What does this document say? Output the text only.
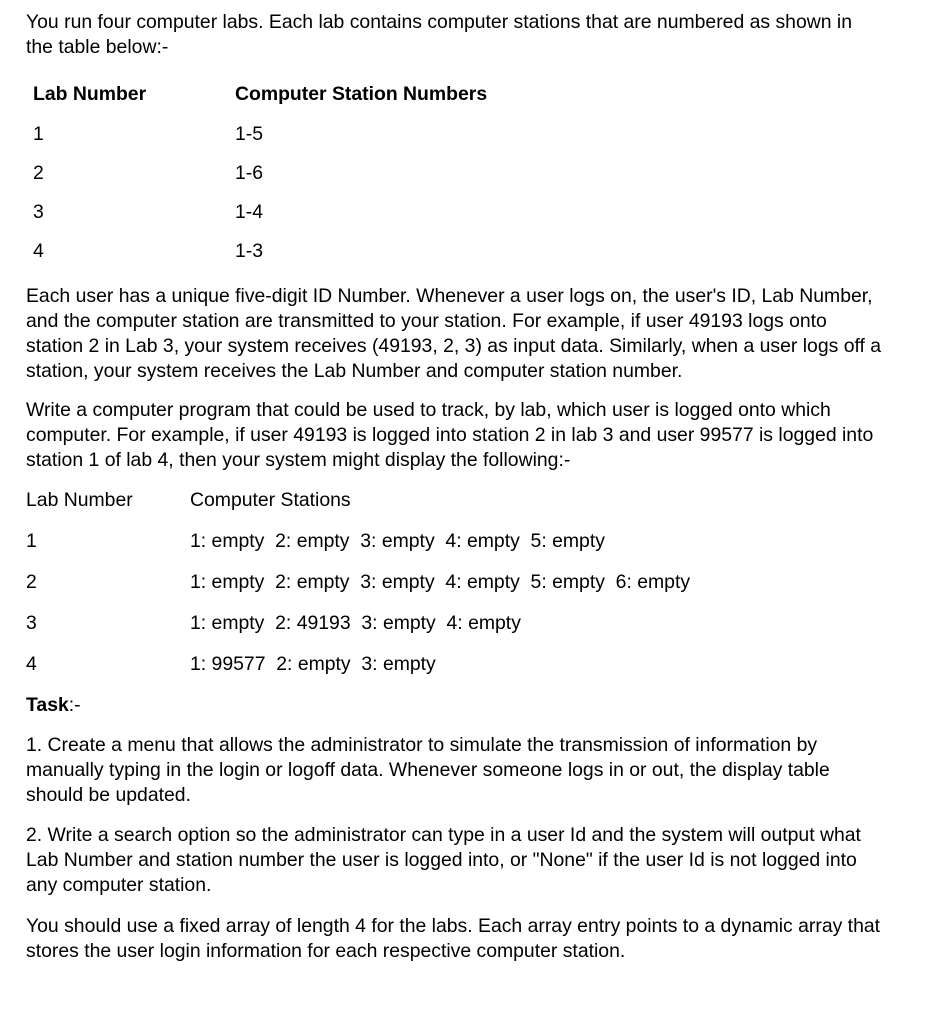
You run four computer labs. Each lab contains computer stations that are numbered as shown in the table below:-

Lab Number	Computer Station Numbers
1	1-5
2	1-6
3	1-4
4	1-3

Each user has a unique five-digit ID Number. Whenever a user logs on, the user's ID, Lab Number, and the computer station are transmitted to your station. For example, if user 49193 logs onto station 2 in Lab 3, your system receives (49193, 2, 3) as input data. Similarly, when a user logs off a station, your system receives the Lab Number and computer station number.

Write a computer program that could be used to track, by lab, which user is logged onto which computer. For example, if user 49193 is logged into station 2 in lab 3 and user 99577 is logged into station 1 of lab 4, then your system might display the following:-

Lab Number	Computer Stations
1	1: empty  2: empty  3: empty  4: empty  5: empty
2	1: empty  2: empty  3: empty  4: empty  5: empty  6: empty
3	1: empty  2: 49193  3: empty  4: empty
4	1: 99577  2: empty  3: empty

Task:-

1. Create a menu that allows the administrator to simulate the transmission of information by manually typing in the login or logoff data. Whenever someone logs in or out, the display table should be updated.

2. Write a search option so the administrator can type in a user Id and the system will output what Lab Number and station number the user is logged into, or "None" if the user Id is not logged into any computer station.

You should use a fixed array of length 4 for the labs. Each array entry points to a dynamic array that stores the user login information for each respective computer station.
